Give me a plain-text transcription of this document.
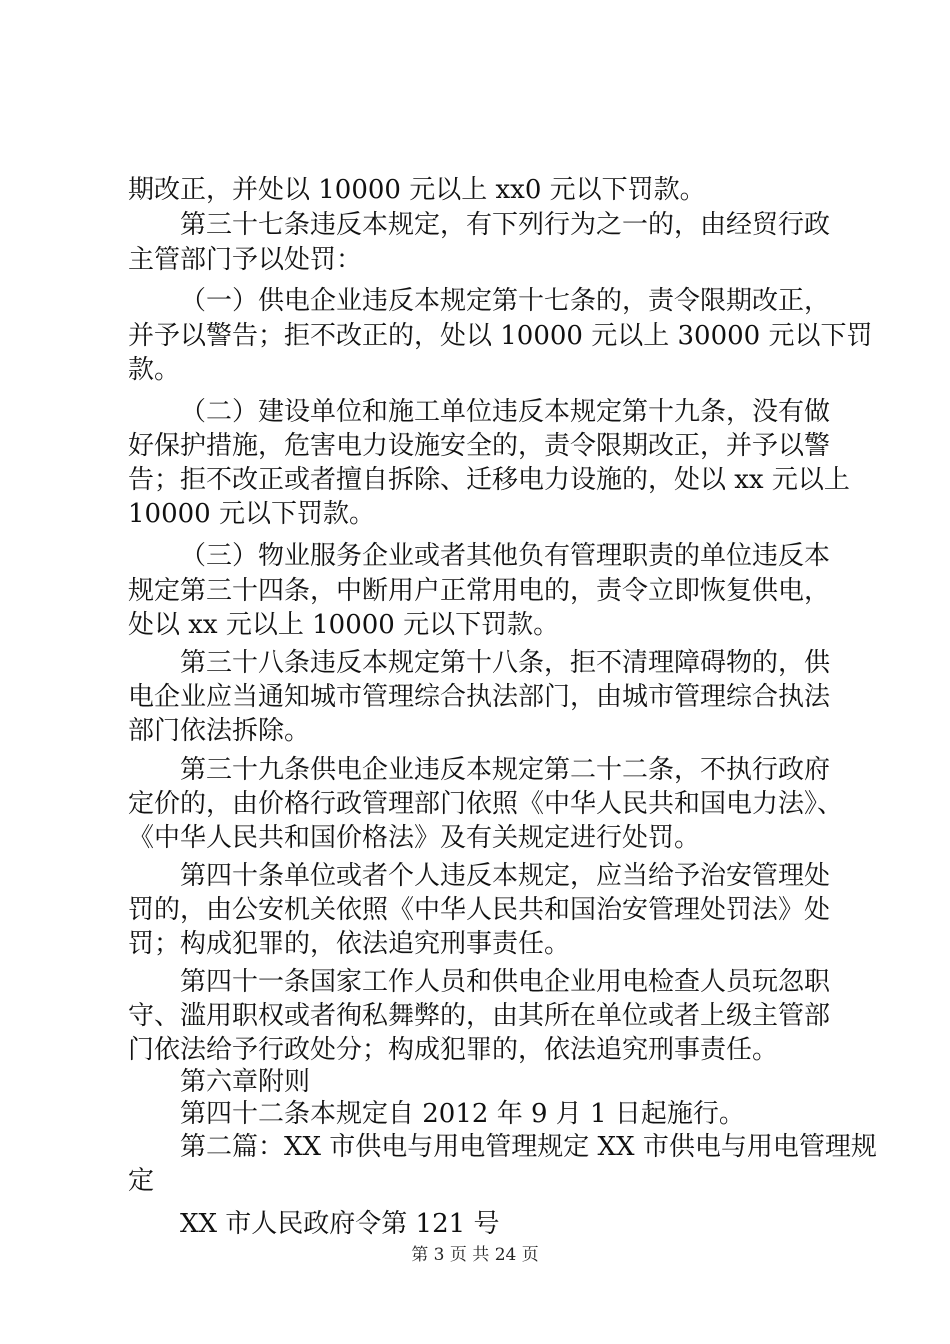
期改正，并处以 10000 元以上 xx0 元以下罚款。
第三十七条违反本规定，有下列行为之一的，由经贸行政
主管部门予以处罚：
（一）供电企业违反本规定第十七条的，责令限期改正，
并予以警告；拒不改正的，处以 10000 元以上 30000 元以下罚
款。
（二）建设单位和施工单位违反本规定第十九条，没有做
好保护措施，危害电力设施安全的，责令限期改正，并予以警
告；拒不改正或者擅自拆除、迁移电力设施的，处以 xx 元以上
10000 元以下罚款。
（三）物业服务企业或者其他负有管理职责的单位违反本
规定第三十四条，中断用户正常用电的，责令立即恢复供电，
处以 xx 元以上 10000 元以下罚款。
第三十八条违反本规定第十八条，拒不清理障碍物的，供
电企业应当通知城市管理综合执法部门，由城市管理综合执法
部门依法拆除。
第三十九条供电企业违反本规定第二十二条，不执行政府
定价的，由价格行政管理部门依照《中华人民共和国电力法》、
《中华人民共和国价格法》及有关规定进行处罚。
第四十条单位或者个人违反本规定，应当给予治安管理处
罚的，由公安机关依照《中华人民共和国治安管理处罚法》处
罚；构成犯罪的，依法追究刑事责任。
第四十一条国家工作人员和供电企业用电检查人员玩忽职
守、滥用职权或者徇私舞弊的，由其所在单位或者上级主管部
门依法给予行政处分；构成犯罪的，依法追究刑事责任。
第六章附则
第四十二条本规定自 2012 年 9 月 1 日起施行。
第二篇：XX 市供电与用电管理规定 XX 市供电与用电管理规
定
XX 市人民政府令第 121 号
第 3 页 共 24 页
